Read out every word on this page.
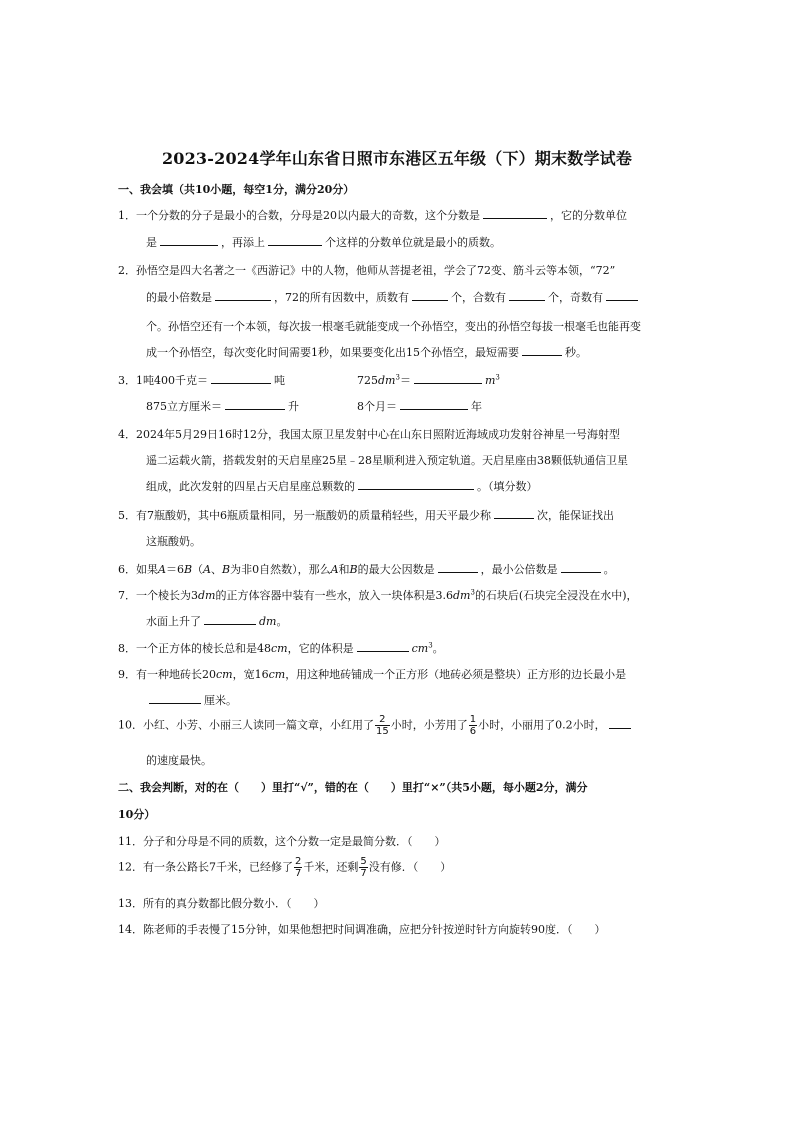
2023-2024学年山东省日照市东港区五年级（下）期末数学试卷
一、我会填（共10小题，每空1分，满分20分）
1．一个分数的分子是最小的合数，分母是20以内最大的奇数，这个分数是	，它的分数单位
是	，再添上	个这样的分数单位就是最小的质数。
2．孙悟空是四大名著之一《西游记》中的人物，他师从菩提老祖，学会了72变、筋斗云等本领，“72”
的最小倍数是	，72的所有因数中，质数有	个，合数有	个，奇数有
个。孙悟空还有一个本领，每次拔一根毫毛就能变成一个孙悟空，变出的孙悟空每拔一根毫毛也能再变
成一个孙悟空，每次变化时间需要1秒，如果要变化出15个孙悟空，最短需要	秒。
3．1吨400千克＝	吨	$725dm^3=$	$m^3$
875立方厘米＝	升	8个月＝	年
4．2024年5月29日16时12分，我国太原卫星发射中心在山东日照附近海域成功发射谷神星一号海射型
遥二运载火箭，搭载发射的天启星座25星﹣28星顺利进入预定轨道。天启星座由38颗低轨通信卫星
组成，此次发射的四星占天启星座总颗数的	。（填分数）
5．有7瓶酸奶，其中6瓶质量相同，另一瓶酸奶的质量稍轻些，用天平最少称	次，能保证找出
这瓶酸奶。
6．如果A＝6B（A、B为非0自然数），那么A和B的最大公因数是	，最小公倍数是	。
7．一个棱长为3dm的正方体容器中装有一些水，放入一块体积是$3.6dm^3$的石块后(石块完全浸没在水中)，
水面上升了	dm。
8．一个正方体的棱长总和是48cm，它的体积是	$cm^3$。
9．有一种地砖长20cm，宽16cm，用这种地砖铺成一个正方形（地砖必须是整块）正方形的边长最小是
厘米。
10．小红、小芳、小丽三人读同一篇文章，小红用了 $\frac{2}{15}$ 小时，小芳用了 $\frac{1}{6}$ 小时，小丽用了0.2小时，
的速度最快。
二、我会判断，对的在（　　）里打“√”，错的在（　　）里打“×”（共5小题，每小题2分，满分
10分）
11．分子和分母是不同的质数，这个分数一定是最简分数．（　　）
12．有一条公路长7千米，已经修了 $\frac{2}{7}$ 千米，还剩 $\frac{5}{7}$ 没有修．（　　）
13．所有的真分数都比假分数小．（　　）
14．陈老师的手表慢了15分钟，如果他想把时间调准确，应把分针按逆时针方向旋转90度．（　　）
